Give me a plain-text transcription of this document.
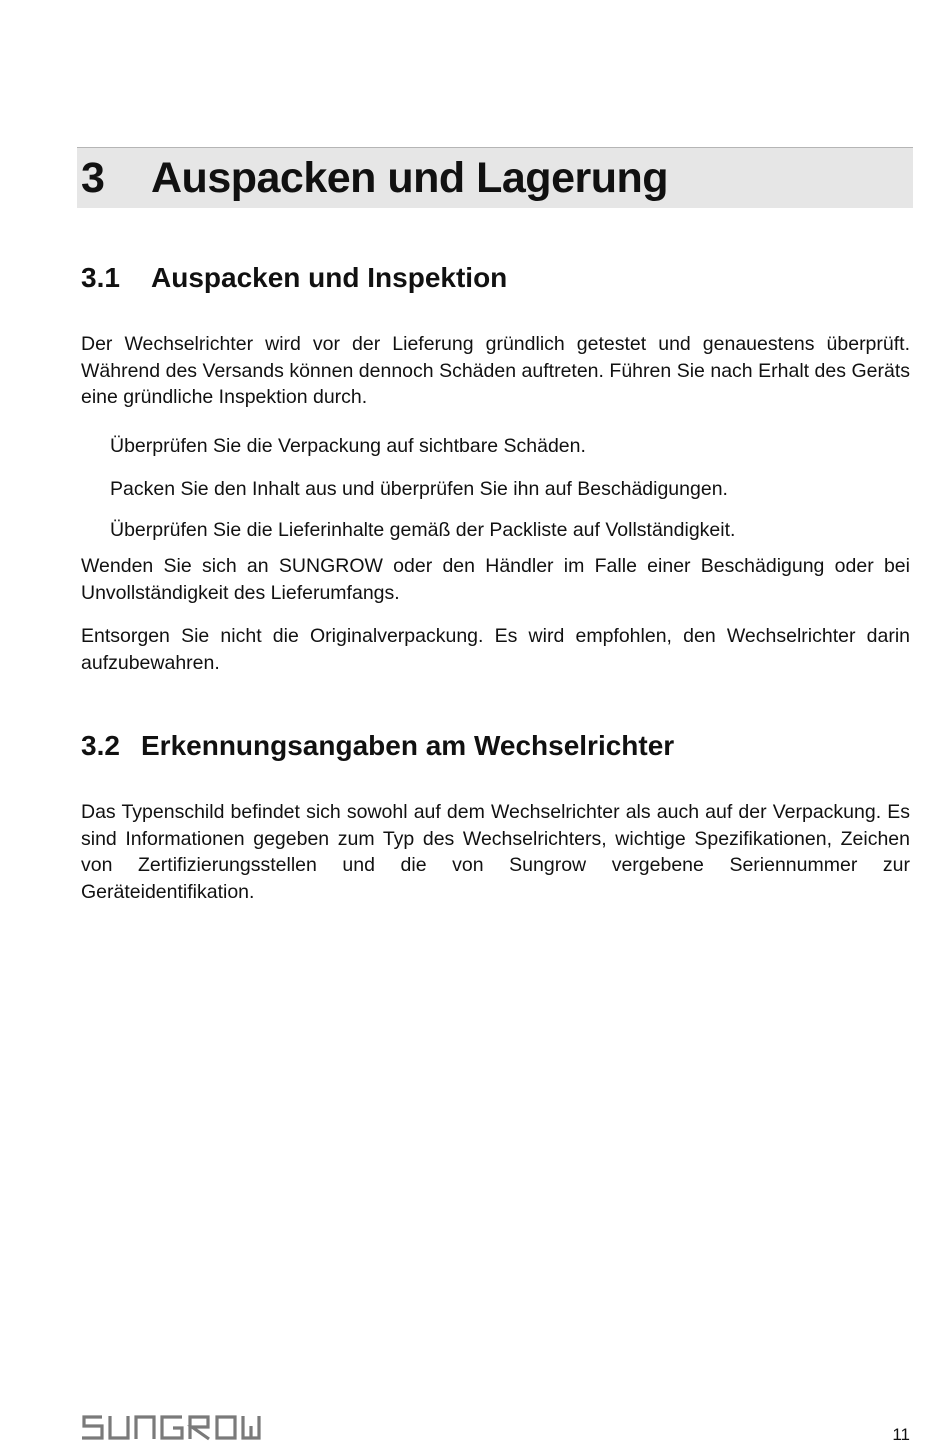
3 Auspacken und Lagerung
3.1 Auspacken und Inspektion

Der Wechselrichter wird vor der Lieferung gründlich getestet und genauestens überprüft. Während des Versands können dennoch Schäden auftreten. Führen Sie nach Erhalt des Geräts eine gründliche Inspektion durch.

Überprüfen Sie die Verpackung auf sichtbare Schäden.

Packen Sie den Inhalt aus und überprüfen Sie ihn auf Beschädigungen.

Überprüfen Sie die Lieferinhalte gemäß der Packliste auf Vollständigkeit.

Wenden Sie sich an SUNGROW oder den Händler im Falle einer Beschädigung oder bei Unvollständigkeit des Lieferumfangs.

Entsorgen Sie nicht die Originalverpackung. Es wird empfohlen, den Wechselrichter darin aufzubewahren.

3.2 Erkennungsangaben am Wechselrichter

Das Typenschild befindet sich sowohl auf dem Wechselrichter als auch auf der Verpackung. Es sind Informationen gegeben zum Typ des Wechselrichters, wichtige Spezifikationen, Zeichen von Zertifizierungsstellen und die von Sungrow vergebene Seriennummer zur Geräteidentifikation.

SUNGROW	11
